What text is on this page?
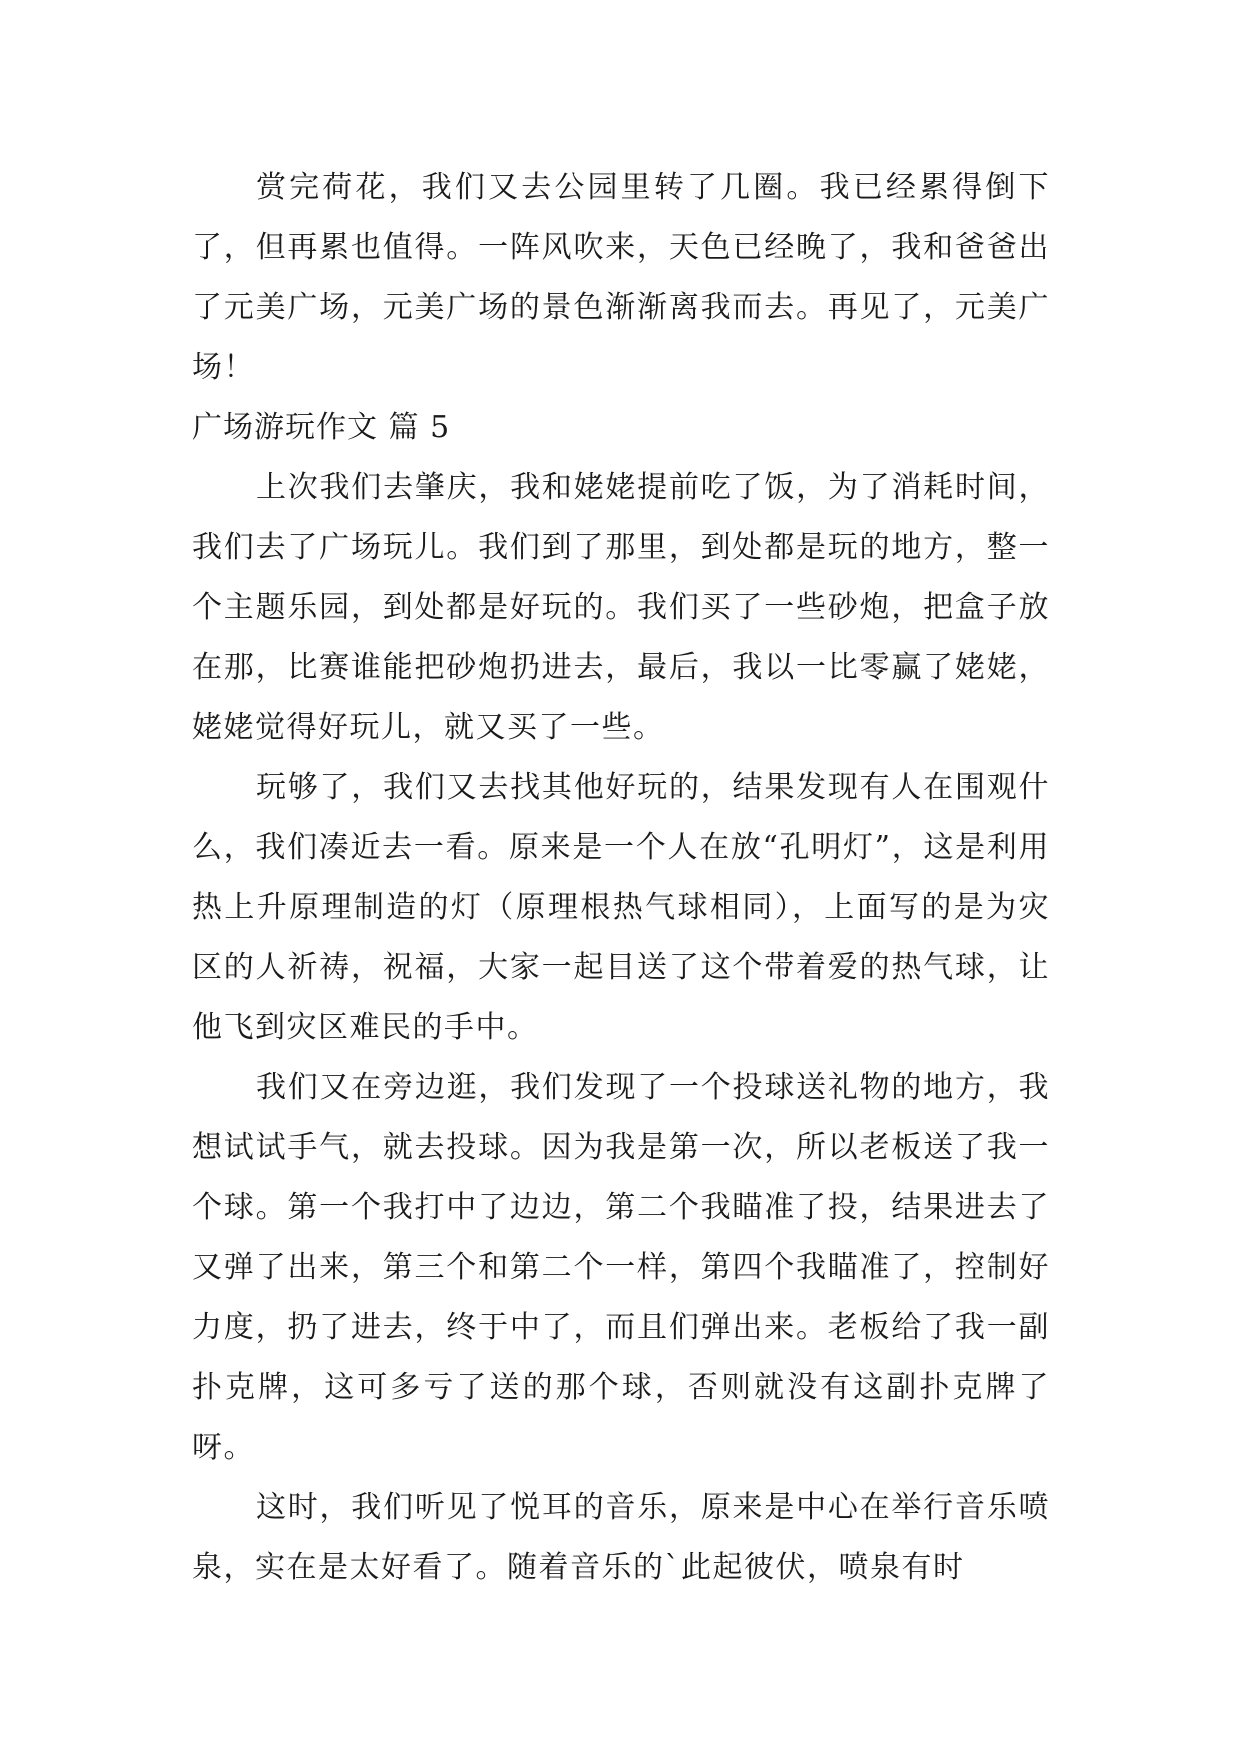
赏完荷花，我们又去公园里转了几圈。我已经累得倒下了，但再累也值得。一阵风吹来，天色已经晚了，我和爸爸出了元美广场，元美广场的景色渐渐离我而去。再见了，元美广场！

广场游玩作文 篇 5

上次我们去肇庆，我和姥姥提前吃了饭，为了消耗时间，我们去了广场玩儿。我们到了那里，到处都是玩的地方，整一个主题乐园，到处都是好玩的。我们买了一些砂炮，把盒子放在那，比赛谁能把砂炮扔进去，最后，我以一比零赢了姥姥，姥姥觉得好玩儿，就又买了一些。

玩够了，我们又去找其他好玩的，结果发现有人在围观什么，我们凑近去一看。原来是一个人在放“孔明灯”，这是利用热上升原理制造的灯（原理根热气球相同），上面写的是为灾区的人祈祷，祝福，大家一起目送了这个带着爱的热气球，让他飞到灾区难民的手中。

我们又在旁边逛，我们发现了一个投球送礼物的地方，我想试试手气，就去投球。因为我是第一次，所以老板送了我一个球。第一个我打中了边边，第二个我瞄准了投，结果进去了又弹了出来，第三个和第二个一样，第四个我瞄准了，控制好力度，扔了进去，终于中了，而且们弹出来。老板给了我一副扑克牌，这可多亏了送的那个球，否则就没有这副扑克牌了呀。

这时，我们听见了悦耳的音乐，原来是中心在举行音乐喷泉，实在是太好看了。随着音乐的`此起彼伏，喷泉有时
